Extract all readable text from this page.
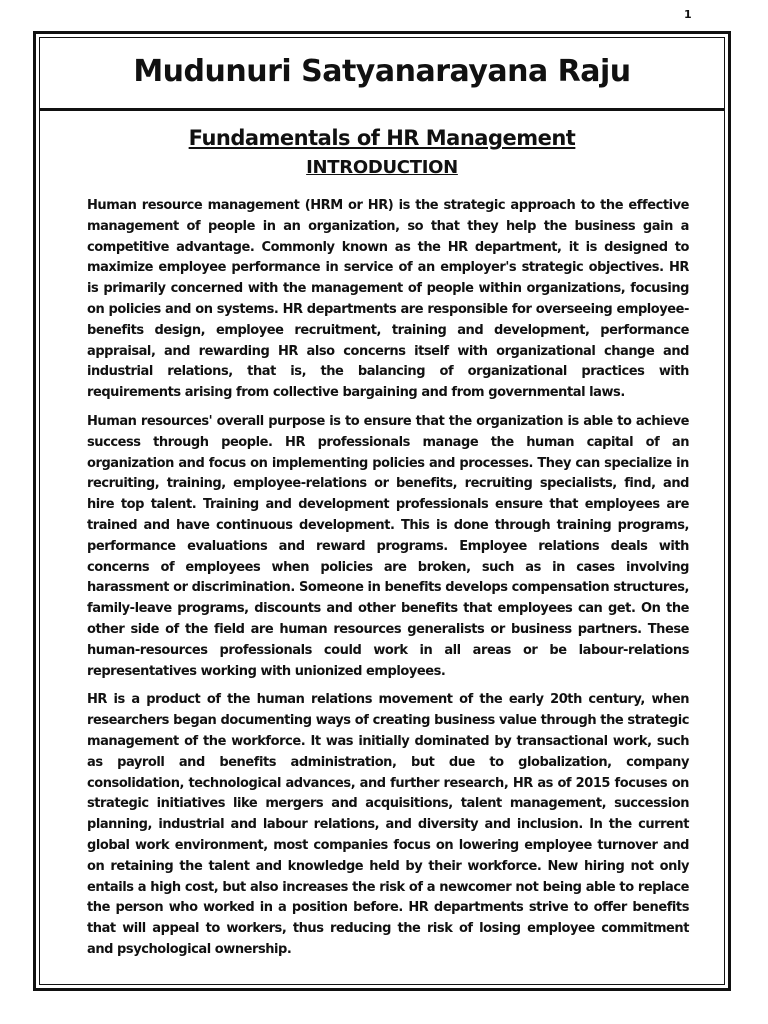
1
Mudunuri Satyanarayana Raju
Fundamentals of HR Management
INTRODUCTION

Human resource management (HRM or HR) is the strategic approach to the effective management of people in an organization, so that they help the business gain a competitive advantage. Commonly known as the HR department, it is designed to maximize employee performance in service of an employer's strategic objectives. HR is primarily concerned with the management of people within organizations, focusing on policies and on systems. HR departments are responsible for overseeing employee-benefits design, employee recruitment, training and development, performance appraisal, and rewarding HR also concerns itself with organizational change and industrial relations, that is, the balancing of organizational practices with requirements arising from collective bargaining and from governmental laws.

Human resources' overall purpose is to ensure that the organization is able to achieve success through people. HR professionals manage the human capital of an organization and focus on implementing policies and processes. They can specialize in recruiting, training, employee-relations or benefits, recruiting specialists, find, and hire top talent. Training and development professionals ensure that employees are trained and have continuous development. This is done through training programs, performance evaluations and reward programs. Employee relations deals with concerns of employees when policies are broken, such as in cases involving harassment or discrimination. Someone in benefits develops compensation structures, family-leave programs, discounts and other benefits that employees can get. On the other side of the field are human resources generalists or business partners. These human-resources professionals could work in all areas or be labour-relations representatives working with unionized employees.

HR is a product of the human relations movement of the early 20th century, when researchers began documenting ways of creating business value through the strategic management of the workforce. It was initially dominated by transactional work, such as payroll and benefits administration, but due to globalization, company consolidation, technological advances, and further research, HR as of 2015 focuses on strategic initiatives like mergers and acquisitions, talent management, succession planning, industrial and labour relations, and diversity and inclusion. In the current global work environment, most companies focus on lowering employee turnover and on retaining the talent and knowledge held by their workforce. New hiring not only entails a high cost, but also increases the risk of a newcomer not being able to replace the person who worked in a position before. HR departments strive to offer benefits that will appeal to workers, thus reducing the risk of losing employee commitment and psychological ownership.
